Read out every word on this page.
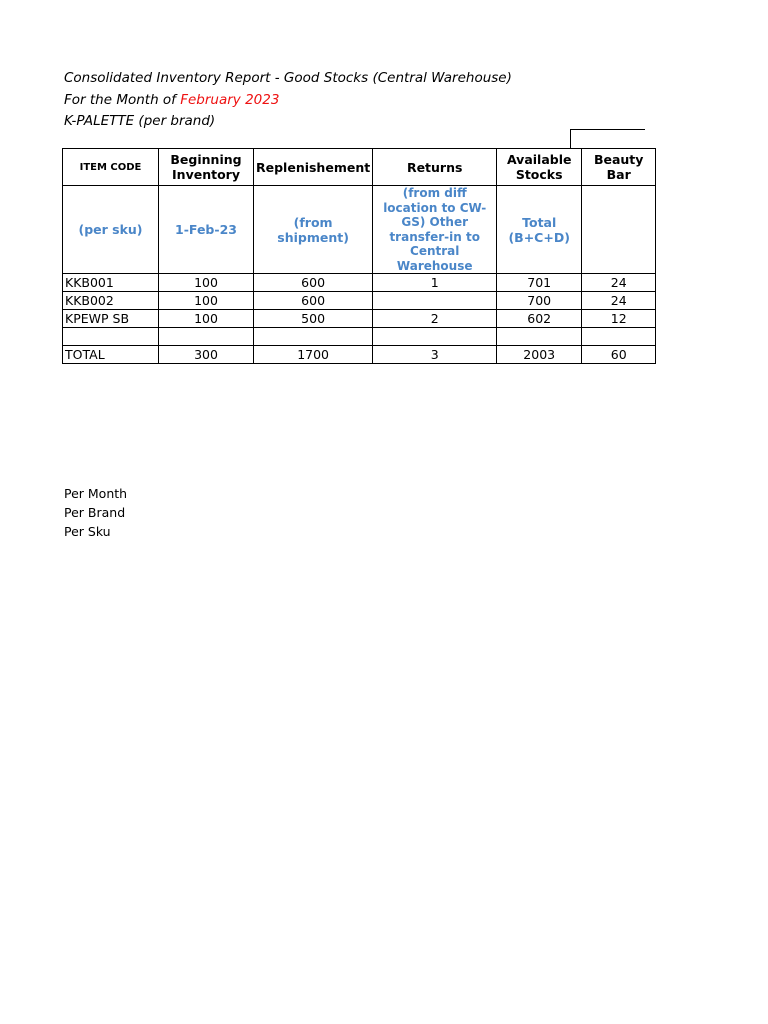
Consolidated Inventory Report - Good Stocks (Central Warehouse)
For the Month of February 2023
K-PALETTE (per brand)
ITEM CODE	Beginning Inventory	Replenishement	Returns	Available Stocks	Beauty Bar
(per sku)	1-Feb-23	(from shipment)	(from diff location to CW-GS) Other transfer-in to Central Warehouse	Total (B+C+D)	
KKB001	100	600	1	701	24
KKB002	100	600		700	24
KPEWP SB	100	500	2	602	12

TOTAL	300	1700	3	2003	60
Per Month
Per Brand
Per Sku
